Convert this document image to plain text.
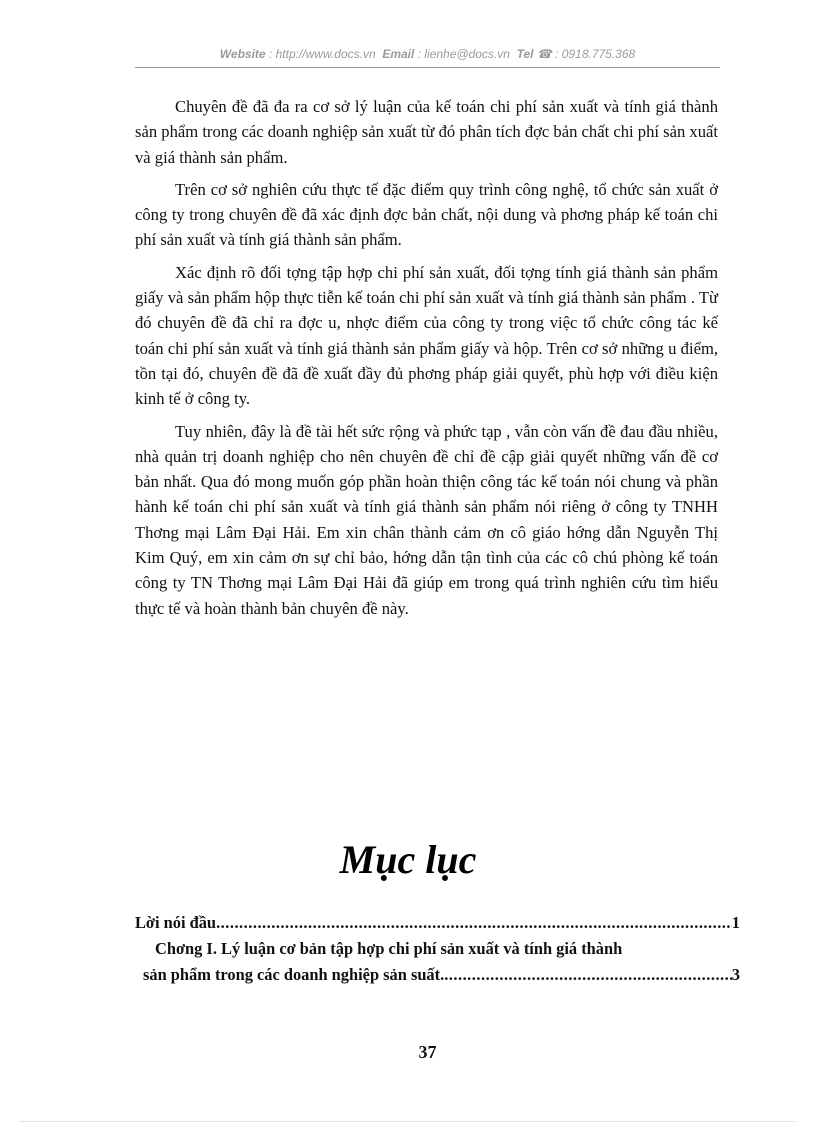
Website : http://www.docs.vn Email : lienhe@docs.vn Tel ☎ : 0918.775.368

Chuyên đề đã đa ra cơ sở lý luận của kế toán chi phí sản xuất và tính giá thành sản phẩm trong các doanh nghiệp sản xuất từ đó phân tích đợc bản chất chi phí sản xuất và giá thành sản phẩm.

Trên cơ sở nghiên cứu thực tế đặc điểm quy trình công nghệ, tổ chức sản xuất ở công ty trong chuyên đề đã xác định đợc bản chất, nội dung và phơng pháp kế toán chi phí sản xuất và tính giá thành sản phẩm.

Xác định rõ đối tợng tập hợp chi phí sản xuất, đối tợng tính giá thành sản phẩm giấy và sản phẩm hộp thực tiễn kế toán chi phí sản xuất và tính giá thành sản phẩm . Từ đó chuyên đề đã chỉ ra đợc u, nhợc điểm của công ty trong việc tổ chức công tác kế toán chi phí sản xuất và tính giá thành sản phẩm giấy và hộp. Trên cơ sở những u điểm, tồn tại đó, chuyên đề đã đề xuất đầy đủ phơng pháp giải quyết, phù hợp với điều kiện kinh tế ở công ty.

Tuy nhiên, đây là đề tài hết sức rộng và phức tạp , vẫn còn vấn đề đau đầu nhiều, nhà quản trị doanh nghiệp cho nên chuyên đề chỉ đề cập giải quyết những vấn đề cơ bản nhất. Qua đó mong muốn góp phần hoàn thiện công tác kế toán nói chung và phần hành kế toán chi phí sản xuất và tính giá thành sản phẩm nói riêng ở công ty TNHH Thơng mại Lâm Đại Hải. Em xin chân thành cảm ơn cô giáo hớng dẫn Nguyễn Thị Kim Quý, em xin cảm ơn sự chỉ bảo, hớng dẫn tận tình của các cô chú phòng kế toán công ty TN Thơng mại Lâm Đại Hải đã giúp em trong quá trình nghiên cứu tìm hiểu thực tế và hoàn thành bản chuyên đề này.

Mục lục
Lời nói đầu .....	1
Chơng I. Lý luận cơ bản tập hợp chi phí sản xuất và tính giá thành
sản phẩm trong các doanh nghiệp sản suất. .....	3
37
